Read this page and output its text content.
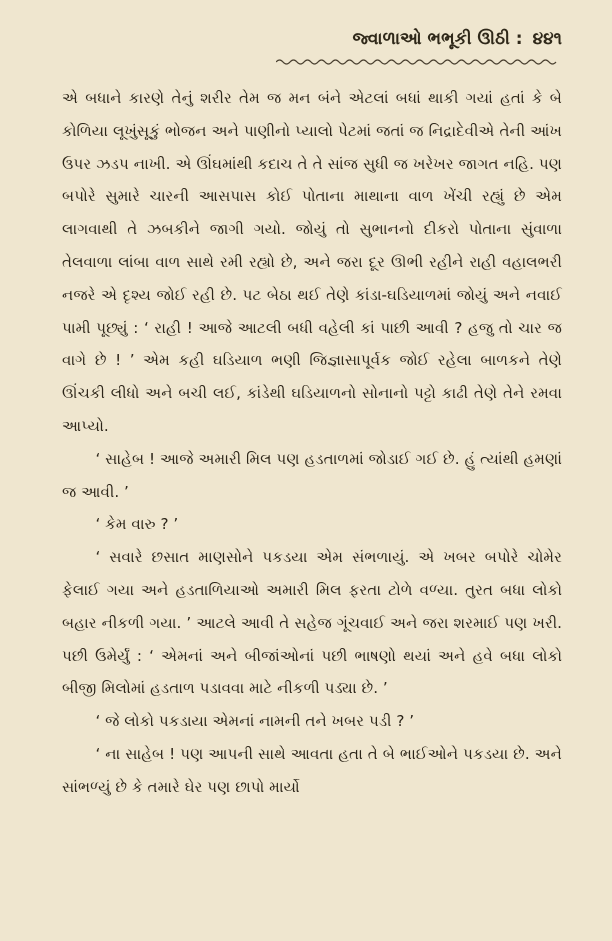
જ્વાળાઓ ભભૂકી ઊઠી : ૪૪૧

એ બધાને કારણે તેનું શરીર તેમ જ મન બંને એટલાં બધાં થાકી ગયાં હતાં કે બે કોળિયા લૂખુંસૂકું ભોજન અને પાણીનો પ્યાલો પેટમાં જતાં જ નિદ્રાદેવીએ તેની આંખ ઉપર ઝડપ નાખી. એ ઊંઘમાંથી કદાચ તે તે સાંજ સુધી જ ખરેખર જાગત નહિ. પણ બપોરે સુમારે ચારની આસપાસ કોઈ પોતાના માથાના વાળ ખેંચી રહ્યું છે એમ લાગવાથી તે ઝબકીને જાગી ગયો. જોયું તો સુભાનનો દીકરો પોતાના સુંવાળા તેલવાળા લાંબા વાળ સાથે રમી રહ્યો છે, અને જરા દૂર ઊભી રહીને રાહી વહાલભરી નજરે એ દૃશ્ય જોઈ રહી છે. પટ બેઠા થઈ તેણે કાંડા-ઘડિયાળમાં જોયું અને નવાઈ પામી પૂછ્યું : ‘ રાહી ! આજે આટલી બધી વહેલી કાં પાછી આવી ? હજુ તો ચાર જ વાગે છે ! ’ એમ કહી ઘડિયાળ ભણી જિજ્ઞાસાપૂર્વક જોઈ રહેલા બાળકને તેણે ઊંચકી લીધો અને બચી લઈ, કાંડેથી ઘડિયાળનો સોનાનો પટ્ટો કાઢી તેણે તેને રમવા આપ્યો.

‘ સાહેબ ! આજે અમારી મિલ પણ હડતાળમાં જોડાઈ ગઈ છે. હું ત્યાંથી હમણાં જ આવી. ’

‘ કેમ વારુ ? ’

‘ સવારે છસાત માણસોને પકડયા એમ સંભળાયું. એ ખબર બપોરે ચોમેર ફેલાઈ ગયા અને હડતાળિયાઓ અમારી મિલ ફરતા ટોળે વળ્યા. તુરત બધા લોકો બહાર નીકળી ગયા. ’ આટલે આવી તે સહેજ ગૂંચવાઈ અને જરા શરમાઈ પણ ખરી. પછી ઉમેર્યું : ‘ એમનાં અને બીજાંઓનાં પછી ભાષણો થયાં અને હવે બધા લોકો બીજી મિલોમાં હડતાળ પડાવવા માટે નીકળી પડ્યા છે. ’

‘ જે લોકો પકડાયા એમનાં નામની તને ખબર પડી ? ’

‘ ના સાહેબ ! પણ આપની સાથે આવતા હતા તે બે ભાઈઓને પકડયા છે. અને સાંભળ્યું છે કે તમારે ઘેર પણ છાપો માર્યો
